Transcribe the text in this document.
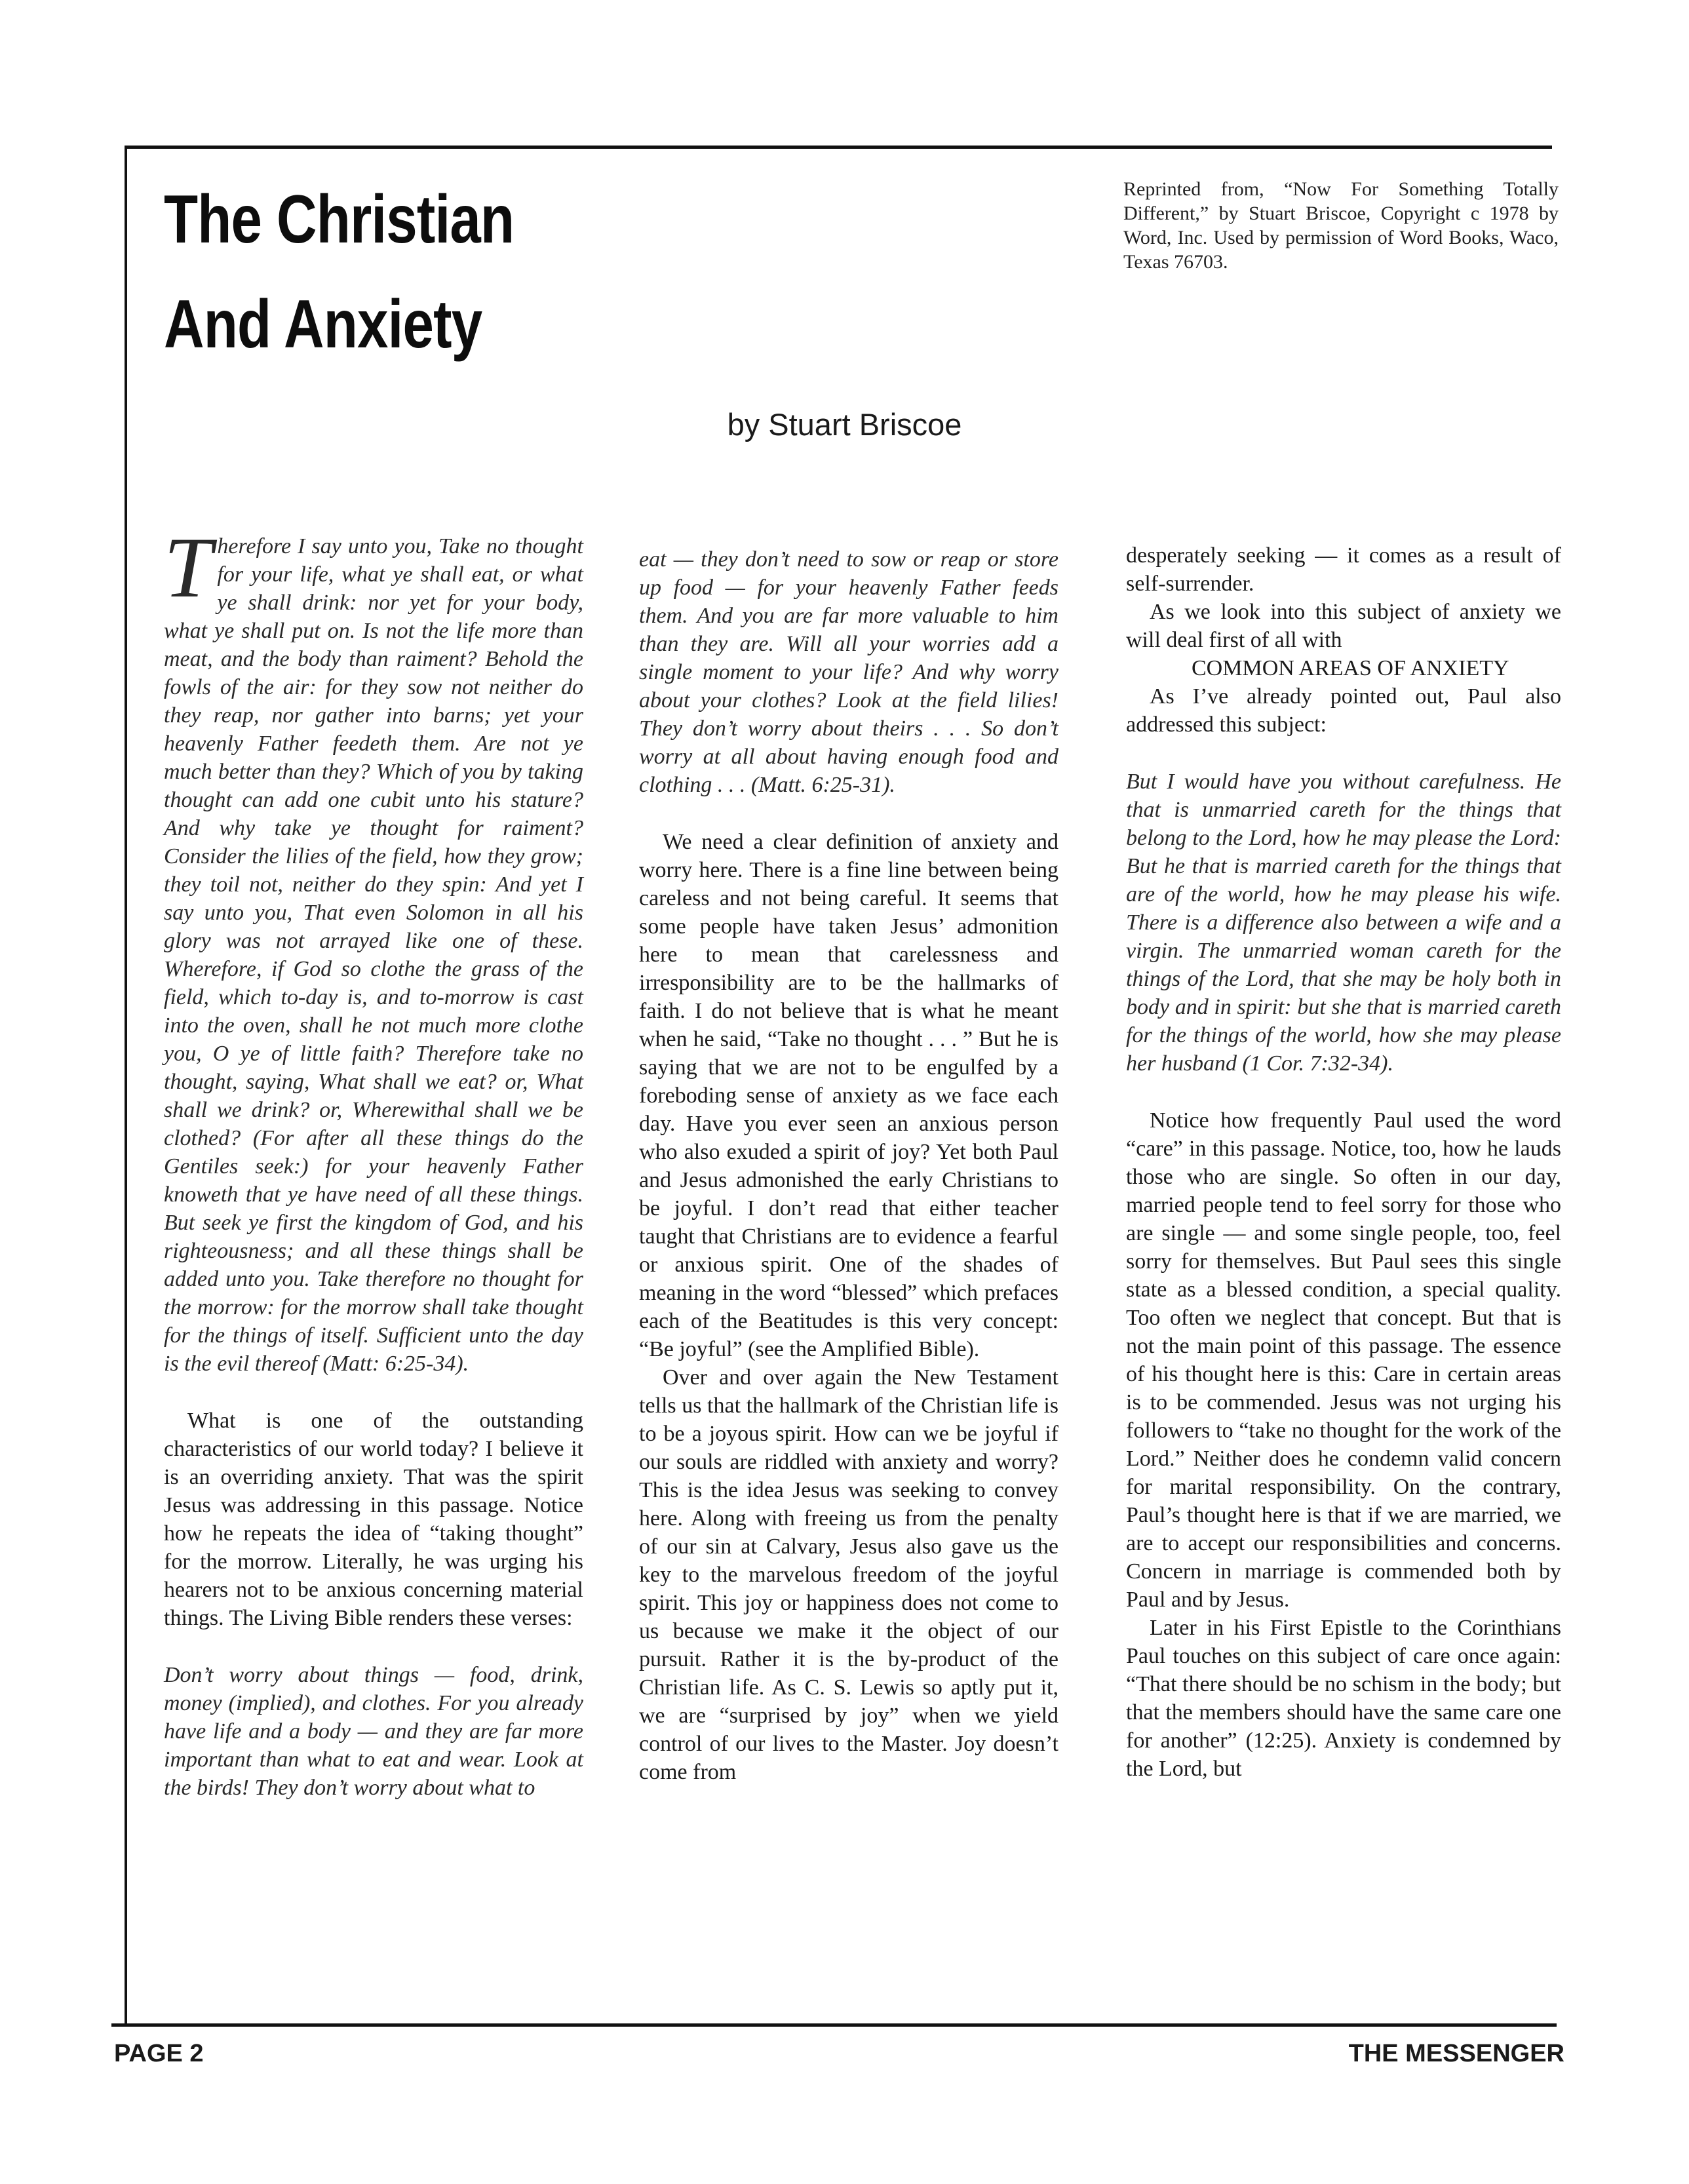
The Christian
And Anxiety
Reprinted from, “Now For Something Totally Different,” by Stuart Briscoe, Copyright c 1978 by Word, Inc. Used by permission of Word Books, Waco, Texas 76703.
by Stuart Briscoe

Therefore I say unto you, Take no thought for your life, what ye shall eat, or what ye shall drink: nor yet for your body, what ye shall put on. Is not the life more than meat, and the body than raiment? Behold the fowls of the air: for they sow not neither do they reap, nor gather into barns; yet your heavenly Father feedeth them. Are not ye much better than they? Which of you by taking thought can add one cubit unto his stature? And why take ye thought for raiment? Consider the lilies of the field, how they grow; they toil not, neither do they spin: And yet I say unto you, That even Solomon in all his glory was not arrayed like one of these. Wherefore, if God so clothe the grass of the field, which to-day is, and to-morrow is cast into the oven, shall he not much more clothe you, O ye of little faith? Therefore take no thought, saying, What shall we eat? or, What shall we drink? or, Wherewithal shall we be clothed? (For after all these things do the Gentiles seek:) for your heavenly Father knoweth that ye have need of all these things. But seek ye first the kingdom of God, and his righteousness; and all these things shall be added unto you. Take therefore no thought for the morrow: for the morrow shall take thought for the things of itself. Sufficient unto the day is the evil thereof (Matt: 6:25-34).

What is one of the outstanding characteristics of our world today? I believe it is an overriding anxiety. That was the spirit Jesus was addressing in this passage. Notice how he repeats the idea of “taking thought” for the morrow. Literally, he was urging his hearers not to be anxious concerning material things. The Living Bible renders these verses:

Don’t worry about things — food, drink, money (implied), and clothes. For you already have life and a body — and they are far more important than what to eat and wear. Look at the birds! They don’t worry about what to

eat — they don’t need to sow or reap or store up food — for your heavenly Father feeds them. And you are far more valuable to him than they are. Will all your worries add a single moment to your life? And why worry about your clothes? Look at the field lilies! They don’t worry about theirs . . . So don’t worry at all about having enough food and clothing . . . (Matt. 6:25-31).

We need a clear definition of anxiety and worry here. There is a fine line between being careless and not being careful. It seems that some people have taken Jesus’ admonition here to mean that carelessness and irresponsibility are to be the hallmarks of faith. I do not believe that is what he meant when he said, “Take no thought . . . ” But he is saying that we are not to be engulfed by a foreboding sense of anxiety as we face each day. Have you ever seen an anxious person who also exuded a spirit of joy? Yet both Paul and Jesus admonished the early Christians to be joyful. I don’t read that either teacher taught that Christians are to evidence a fearful or anxious spirit. One of the shades of meaning in the word “blessed” which prefaces each of the Beatitudes is this very concept: “Be joyful” (see the Amplified Bible).

Over and over again the New Testament tells us that the hallmark of the Christian life is to be a joyous spirit. How can we be joyful if our souls are riddled with anxiety and worry? This is the idea Jesus was seeking to convey here. Along with freeing us from the penalty of our sin at Calvary, Jesus also gave us the key to the marvelous freedom of the joyful spirit. This joy or happiness does not come to us because we make it the object of our pursuit. Rather it is the by-product of the Christian life. As C. S. Lewis so aptly put it, we are “surprised by joy” when we yield control of our lives to the Master. Joy doesn’t come from

desperately seeking — it comes as a result of self-surrender.

As we look into this subject of anxiety we will deal first of all with

COMMON AREAS OF ANXIETY

As I’ve already pointed out, Paul also addressed this subject:

But I would have you without carefulness. He that is unmarried careth for the things that belong to the Lord, how he may please the Lord: But he that is married careth for the things that are of the world, how he may please his wife. There is a difference also between a wife and a virgin. The unmarried woman careth for the things of the Lord, that she may be holy both in body and in spirit: but she that is married careth for the things of the world, how she may please her husband (1 Cor. 7:32-34).

Notice how frequently Paul used the word “care” in this passage. Notice, too, how he lauds those who are single. So often in our day, married people tend to feel sorry for those who are single — and some single people, too, feel sorry for themselves. But Paul sees this single state as a blessed condition, a special quality. Too often we neglect that concept. But that is not the main point of this passage. The essence of his thought here is this: Care in certain areas is to be commended. Jesus was not urging his followers to “take no thought for the work of the Lord.” Neither does he condemn valid concern for marital responsibility. On the contrary, Paul’s thought here is that if we are married, we are to accept our responsibilities and concerns. Concern in marriage is commended both by Paul and by Jesus.

Later in his First Epistle to the Corinthians Paul touches on this subject of care once again: “That there should be no schism in the body; but that the members should have the same care one for another” (12:25). Anxiety is condemned by the Lord, but

PAGE 2	THE MESSENGER
